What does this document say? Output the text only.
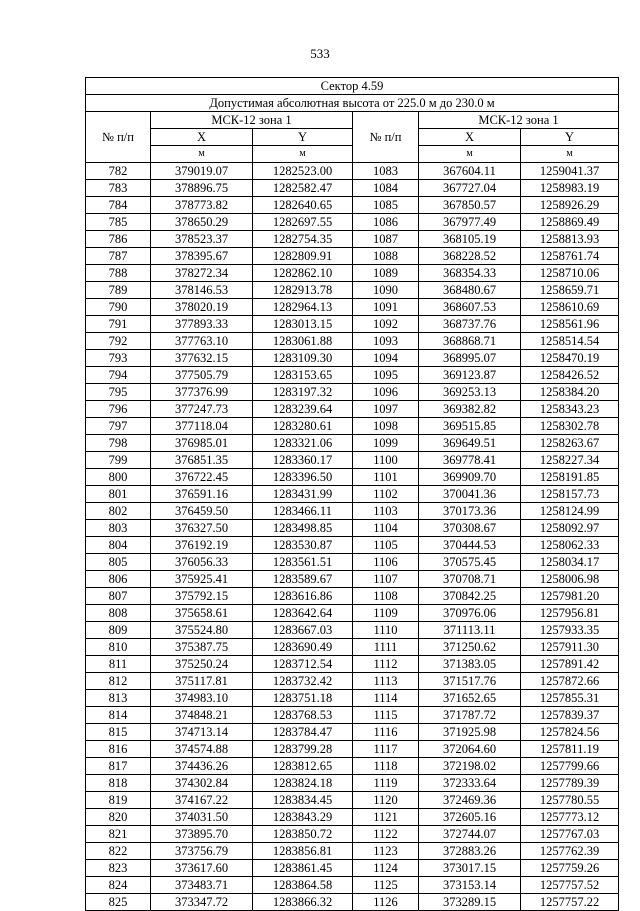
533
Сектор 4.59					
Допустимая абсолютная высота от 225.0 м до 230.0 м					
№ п/п	МСК-12 зона 1		№ п/п	МСК-12 зона 1	
	X	Y		X	Y
	м	м		м	м
782	379019.07	1282523.00	1083	367604.11	1259041.37
783	378896.75	1282582.47	1084	367727.04	1258983.19
784	378773.82	1282640.65	1085	367850.57	1258926.29
785	378650.29	1282697.55	1086	367977.49	1258869.49
786	378523.37	1282754.35	1087	368105.19	1258813.93
787	378395.67	1282809.91	1088	368228.52	1258761.74
788	378272.34	1282862.10	1089	368354.33	1258710.06
789	378146.53	1282913.78	1090	368480.67	1258659.71
790	378020.19	1282964.13	1091	368607.53	1258610.69
791	377893.33	1283013.15	1092	368737.76	1258561.96
792	377763.10	1283061.88	1093	368868.71	1258514.54
793	377632.15	1283109.30	1094	368995.07	1258470.19
794	377505.79	1283153.65	1095	369123.87	1258426.52
795	377376.99	1283197.32	1096	369253.13	1258384.20
796	377247.73	1283239.64	1097	369382.82	1258343.23
797	377118.04	1283280.61	1098	369515.85	1258302.78
798	376985.01	1283321.06	1099	369649.51	1258263.67
799	376851.35	1283360.17	1100	369778.41	1258227.34
800	376722.45	1283396.50	1101	369909.70	1258191.85
801	376591.16	1283431.99	1102	370041.36	1258157.73
802	376459.50	1283466.11	1103	370173.36	1258124.99
803	376327.50	1283498.85	1104	370308.67	1258092.97
804	376192.19	1283530.87	1105	370444.53	1258062.33
805	376056.33	1283561.51	1106	370575.45	1258034.17
806	375925.41	1283589.67	1107	370708.71	1258006.98
807	375792.15	1283616.86	1108	370842.25	1257981.20
808	375658.61	1283642.64	1109	370976.06	1257956.81
809	375524.80	1283667.03	1110	371113.11	1257933.35
810	375387.75	1283690.49	1111	371250.62	1257911.30
811	375250.24	1283712.54	1112	371383.05	1257891.42
812	375117.81	1283732.42	1113	371517.76	1257872.66
813	374983.10	1283751.18	1114	371652.65	1257855.31
814	374848.21	1283768.53	1115	371787.72	1257839.37
815	374713.14	1283784.47	1116	371925.98	1257824.56
816	374574.88	1283799.28	1117	372064.60	1257811.19
817	374436.26	1283812.65	1118	372198.02	1257799.66
818	374302.84	1283824.18	1119	372333.64	1257789.39
819	374167.22	1283834.45	1120	372469.36	1257780.55
820	374031.50	1283843.29	1121	372605.16	1257773.12
821	373895.70	1283850.72	1122	372744.07	1257767.03
822	373756.79	1283856.81	1123	372883.26	1257762.39
823	373617.60	1283861.45	1124	373017.15	1257759.26
824	373483.71	1283864.58	1125	373153.14	1257757.52
825	373347.72	1283866.32	1126	373289.15	1257757.22
